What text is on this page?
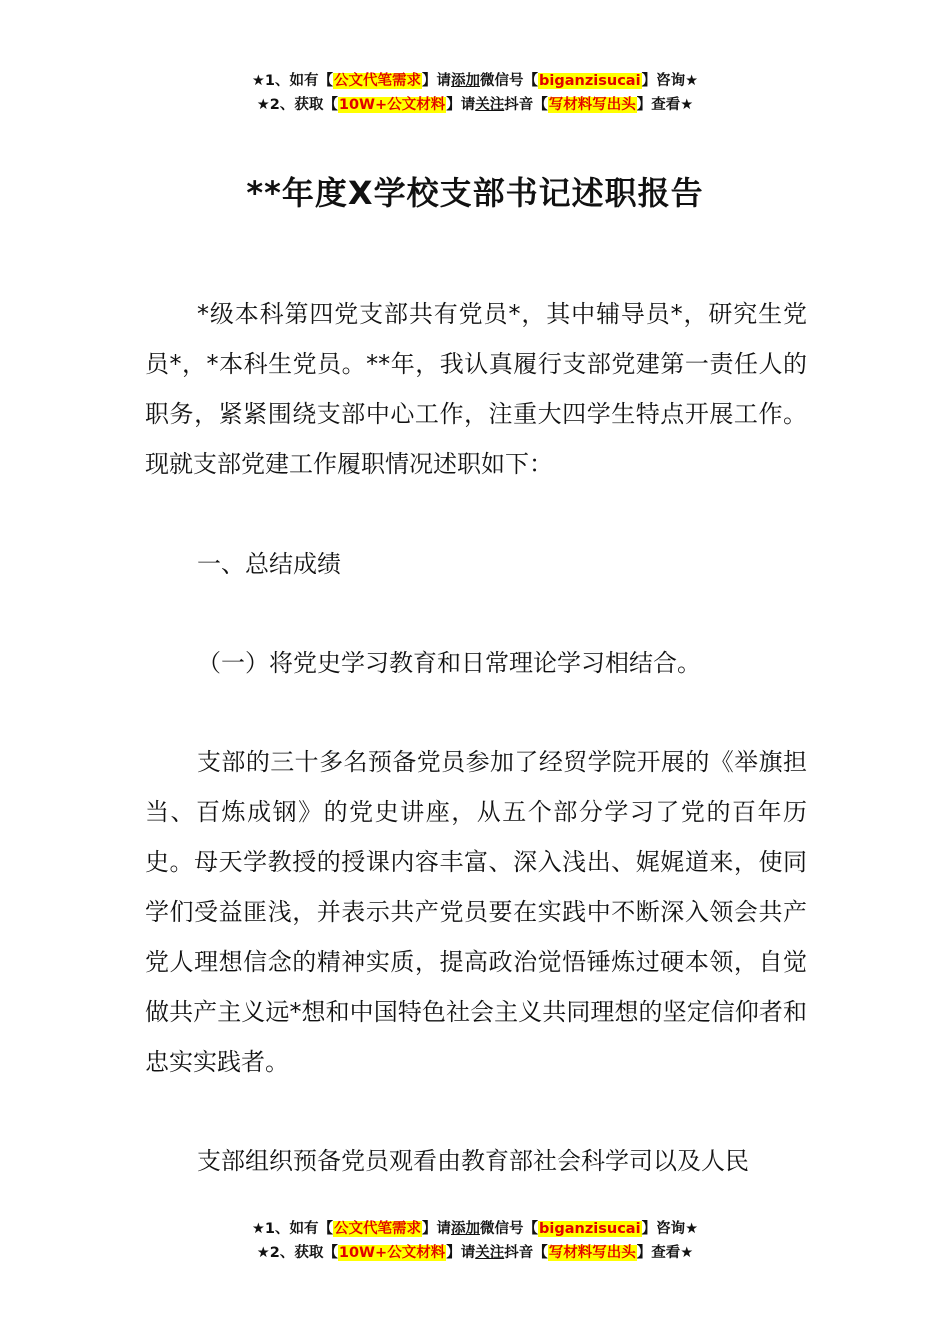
★1、如有【公文代笔需求】请添加微信号【biganzisucai】咨询★
★2、获取【10W+公文材料】请关注抖音【写材料写出头】查看★
**年度X学校支部书记述职报告

*级本科第四党支部共有党员*，其中辅导员*，研究生党员*，*本科生党员。**年，我认真履行支部党建第一责任人的职务，紧紧围绕支部中心工作，注重大四学生特点开展工作。现就支部党建工作履职情况述职如下：

一、总结成绩

（一）将党史学习教育和日常理论学习相结合。

支部的三十多名预备党员参加了经贸学院开展的《举旗担当、百炼成钢》的党史讲座，从五个部分学习了党的百年历史。母天学教授的授课内容丰富、深入浅出、娓娓道来，使同学们受益匪浅，并表示共产党员要在实践中不断深入领会共产党人理想信念的精神实质，提高政治觉悟锤炼过硬本领，自觉做共产主义远*想和中国特色社会主义共同理想的坚定信仰者和忠实实践者。

支部组织预备党员观看由教育部社会科学司以及人民

★1、如有【公文代笔需求】请添加微信号【biganzisucai】咨询★
★2、获取【10W+公文材料】请关注抖音【写材料写出头】查看★
